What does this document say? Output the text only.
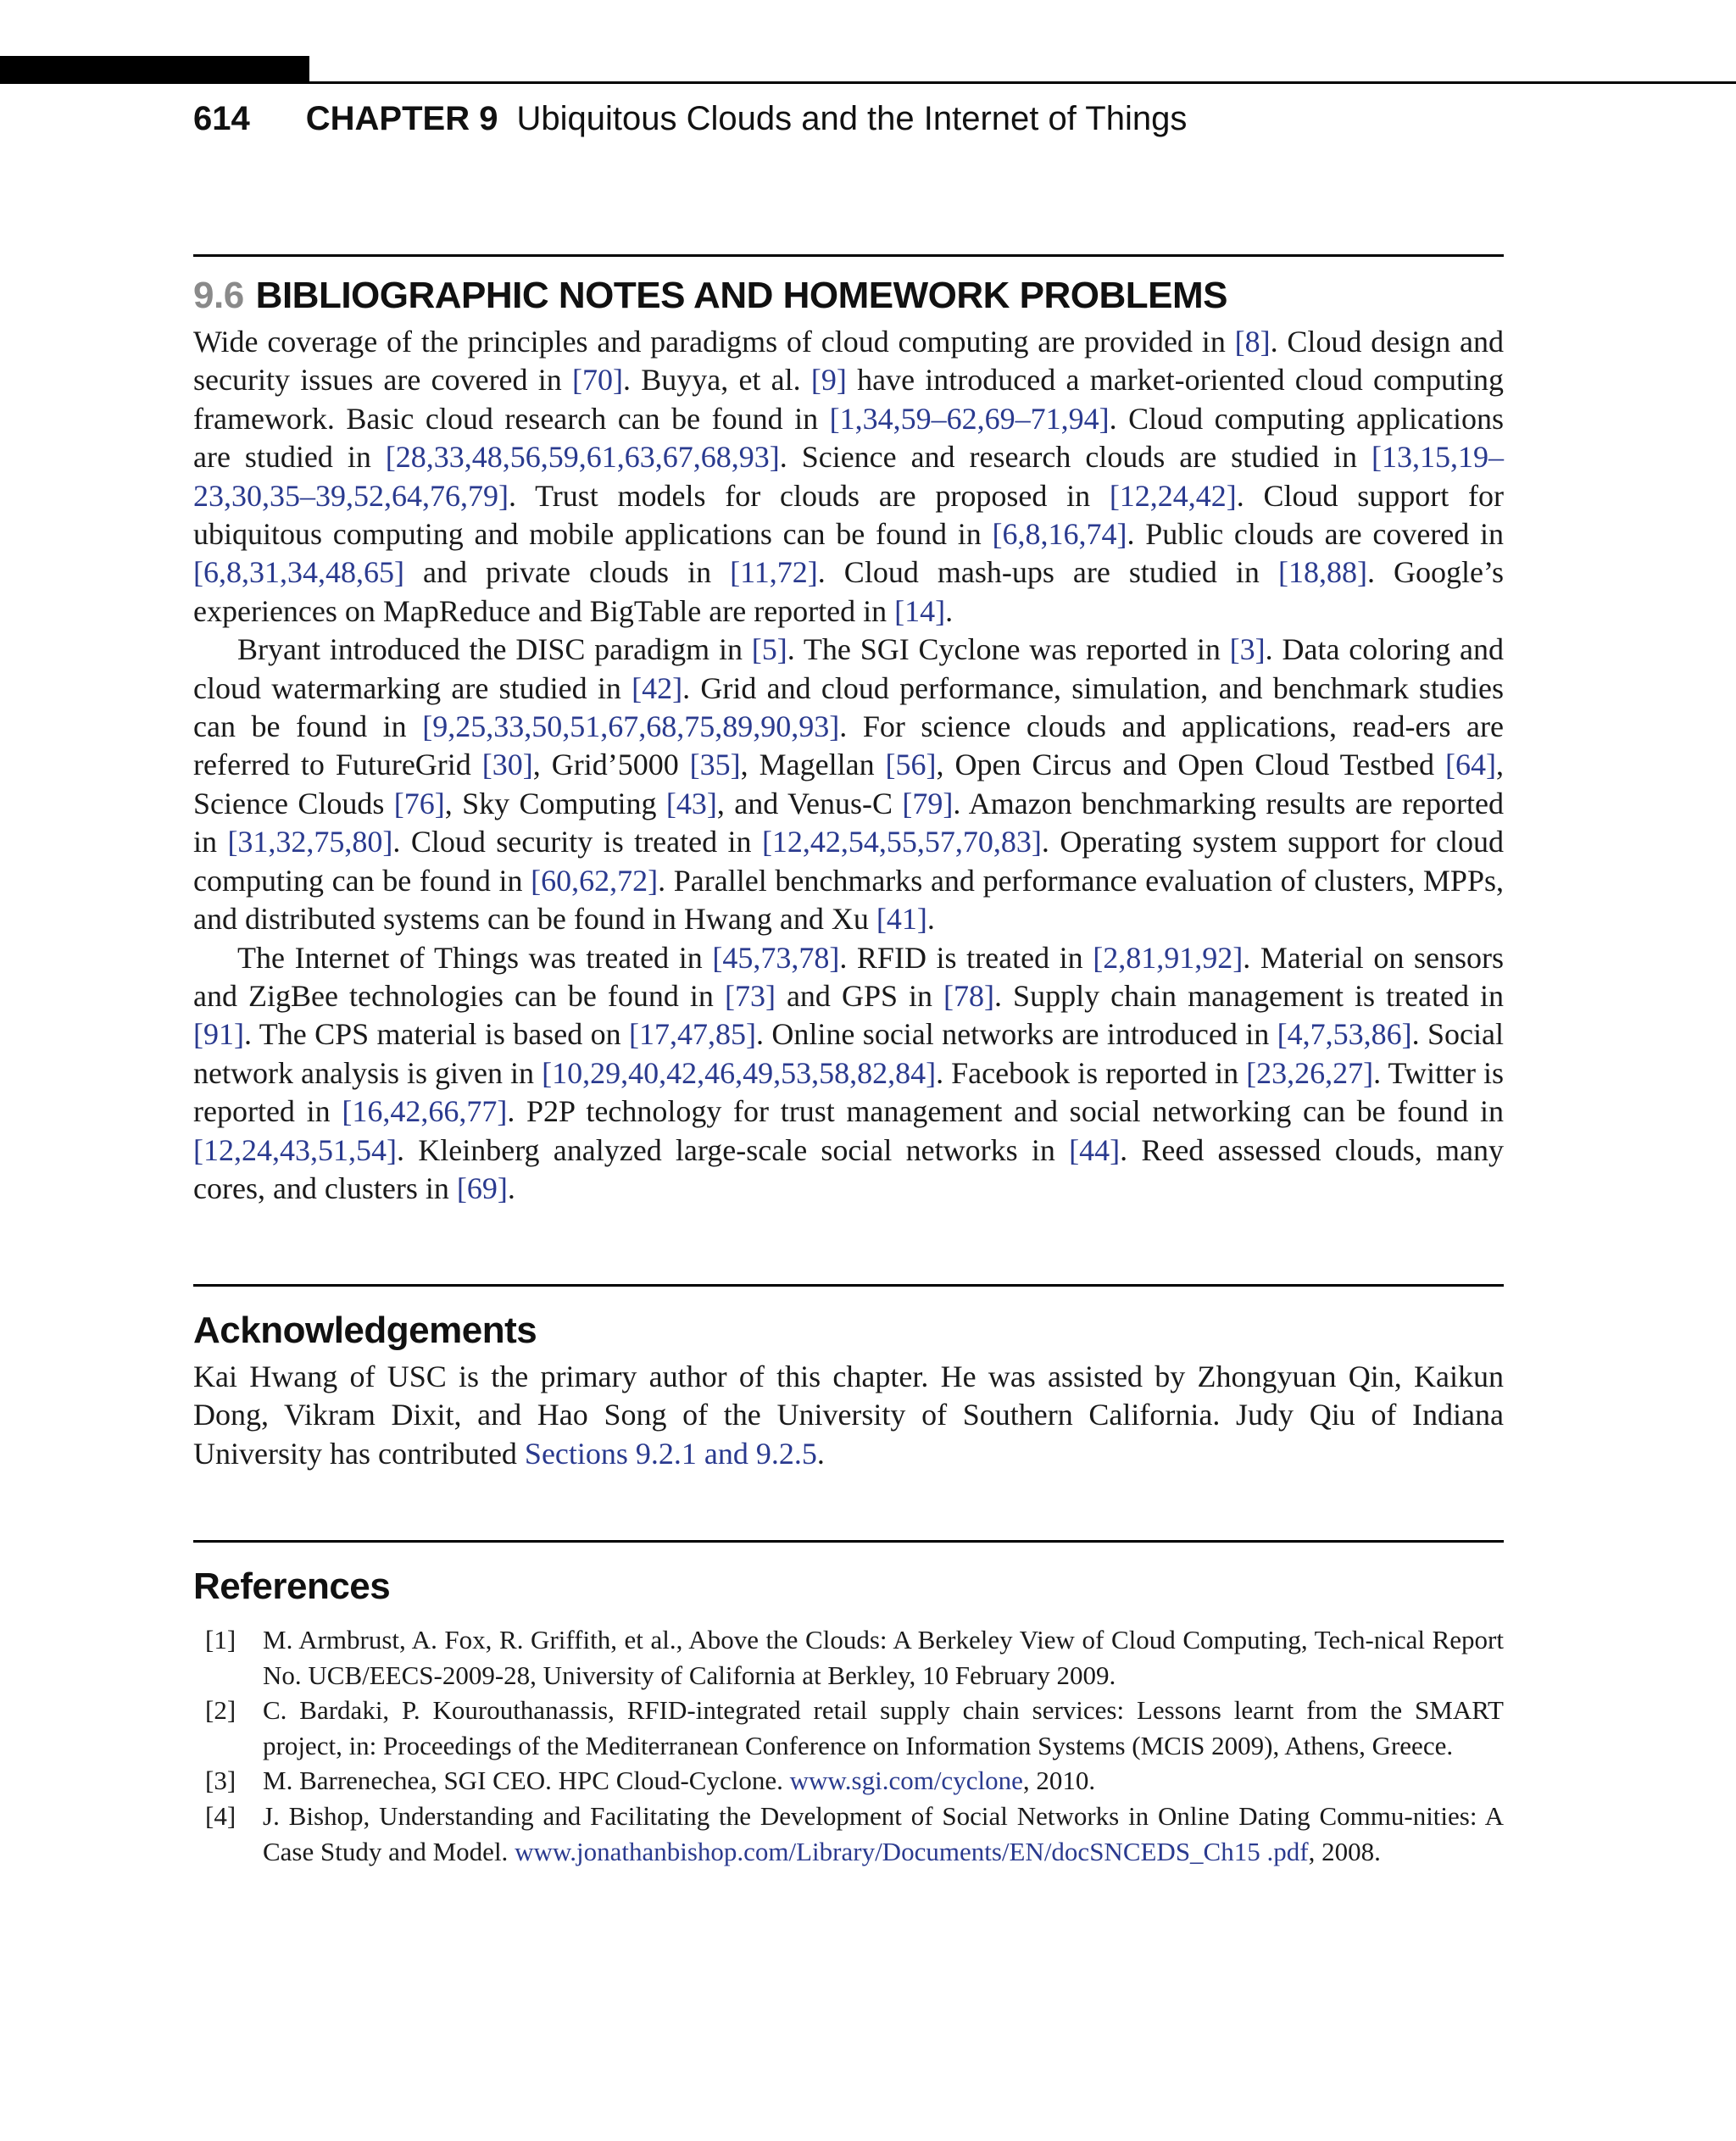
614 CHAPTER 9 Ubiquitous Clouds and the Internet of Things
9.6 BIBLIOGRAPHIC NOTES AND HOMEWORK PROBLEMS

Wide coverage of the principles and paradigms of cloud computing are provided in [8]. Cloud design and security issues are covered in [70]. Buyya, et al. [9] have introduced a market-oriented cloud computing framework. Basic cloud research can be found in [1,34,59–62,69–71,94]. Cloud computing applications are studied in [28,33,48,56,59,61,63,67,68,93]. Science and research clouds are studied in [13,15,19–23,30,35–39,52,64,76,79]. Trust models for clouds are proposed in [12,24,42]. Cloud support for ubiquitous computing and mobile applications can be found in [6,8,16,74]. Public clouds are covered in [6,8,31,34,48,65] and private clouds in [11,72]. Cloud mash-ups are studied in [18,88]. Google’s experiences on MapReduce and BigTable are reported in [14].

Bryant introduced the DISC paradigm in [5]. The SGI Cyclone was reported in [3]. Data coloring and cloud watermarking are studied in [42]. Grid and cloud performance, simulation, and benchmark studies can be found in [9,25,33,50,51,67,68,75,89,90,93]. For science clouds and applications, read-ers are referred to FutureGrid [30], Grid’5000 [35], Magellan [56], Open Circus and Open Cloud Testbed [64], Science Clouds [76], Sky Computing [43], and Venus-C [79]. Amazon benchmarking results are reported in [31,32,75,80]. Cloud security is treated in [12,42,54,55,57,70,83]. Operating system support for cloud computing can be found in [60,62,72]. Parallel benchmarks and performance evaluation of clusters, MPPs, and distributed systems can be found in Hwang and Xu [41].

The Internet of Things was treated in [45,73,78]. RFID is treated in [2,81,91,92]. Material on sensors and ZigBee technologies can be found in [73] and GPS in [78]. Supply chain management is treated in [91]. The CPS material is based on [17,47,85]. Online social networks are introduced in [4,7,53,86]. Social network analysis is given in [10,29,40,42,46,49,53,58,82,84]. Facebook is reported in [23,26,27]. Twitter is reported in [16,42,66,77]. P2P technology for trust management and social networking can be found in [12,24,43,51,54]. Kleinberg analyzed large-scale social networks in [44]. Reed assessed clouds, many cores, and clusters in [69].

Acknowledgements

Kai Hwang of USC is the primary author of this chapter. He was assisted by Zhongyuan Qin, Kaikun Dong, Vikram Dixit, and Hao Song of the University of Southern California. Judy Qiu of Indiana University has contributed Sections 9.2.1 and 9.2.5.

References
[1] M. Armbrust, A. Fox, R. Griffith, et al., Above the Clouds: A Berkeley View of Cloud Computing, Tech-nical Report No. UCB/EECS-2009-28, University of California at Berkley, 10 February 2009.
[2] C. Bardaki, P. Kourouthanassis, RFID-integrated retail supply chain services: Lessons learnt from the SMART project, in: Proceedings of the Mediterranean Conference on Information Systems (MCIS 2009), Athens, Greece.
[3] M. Barrenechea, SGI CEO. HPC Cloud-Cyclone. www.sgi.com/cyclone, 2010.
[4] J. Bishop, Understanding and Facilitating the Development of Social Networks in Online Dating Commu-nities: A Case Study and Model. www.jonathanbishop.com/Library/Documents/EN/docSNCEDS_Ch15 .pdf, 2008.
